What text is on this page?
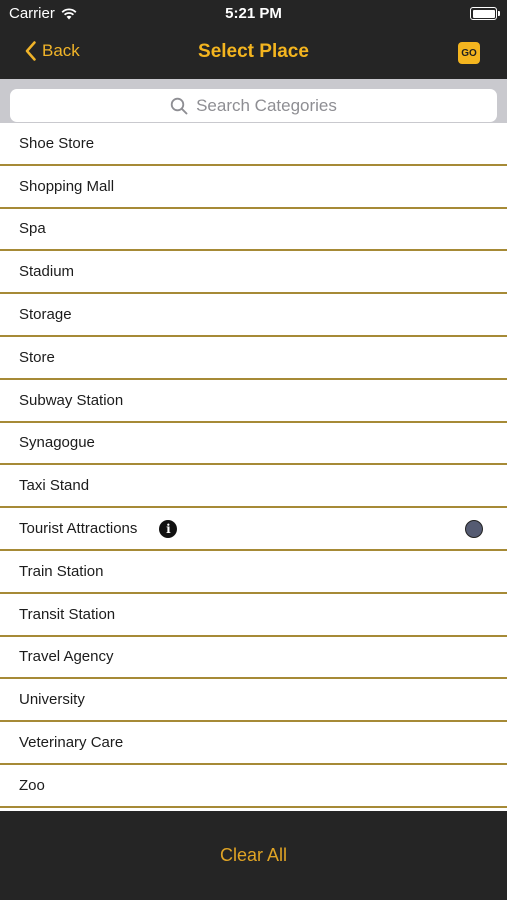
Carrier	5:21 PM
Back	Select Place	GO
Search Categories
Shoe Store
Shopping Mall
Spa
Stadium
Storage
Store
Subway Station
Synagogue
Taxi Stand
Tourist Attractions	i
Train Station
Transit Station
Travel Agency
University
Veterinary Care
Zoo
Clear All
